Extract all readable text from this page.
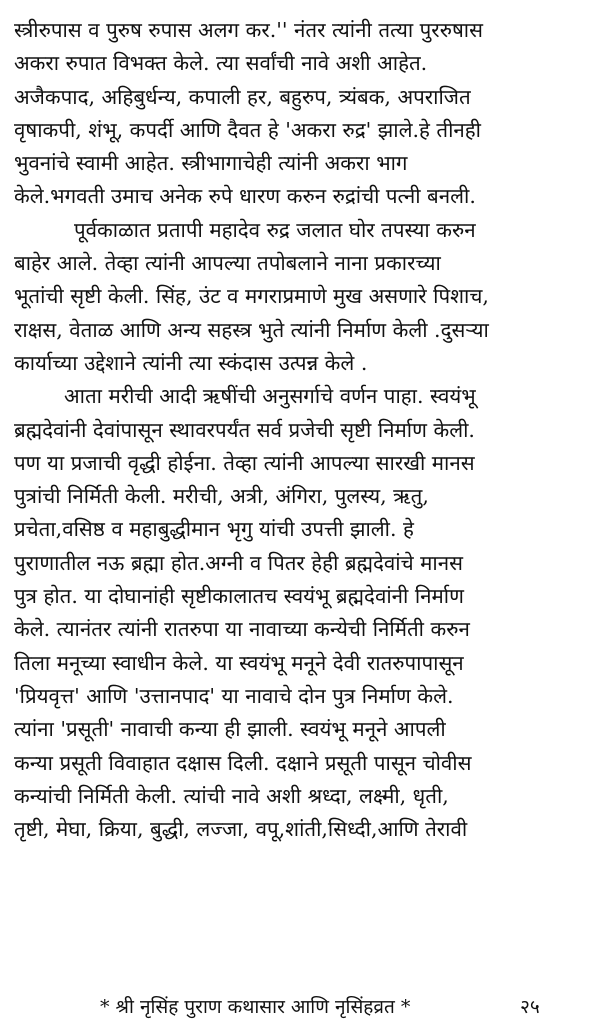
स्त्रीरुपास व पुरुष रुपास अलग कर.'' नंतर त्यांनी तत्या पुररुषास
अकरा रुपात विभक्त केले. त्या सर्वांची नावे अशी आहेत.
अजैकपाद, अहिबुर्धन्य, कपाली हर, बहुरुप, त्र्यंबक, अपराजित
वृषाकपी, शंभू, कपर्दी आणि दैवत हे 'अकरा रुद्र' झाले.हे तीनही
भुवनांचे स्वामी आहेत. स्त्रीभागाचेही त्यांनी अकरा भाग
केले.भगवती उमाच अनेक रुपे धारण करुन रुद्रांची पत्नी बनली.

पूर्वकाळात प्रतापी महादेव रुद्र जलात घोर तपस्या करुन
बाहेर आले. तेव्हा त्यांनी आपल्या तपोबलाने नाना प्रकारच्या
भूतांची सृष्टी केली. सिंह, उंट व मगराप्रमाणे मुख असणारे पिशाच,
राक्षस, वेताळ आणि अन्य सहस्त्र भुते त्यांनी निर्माण केली .दुसऱ्या
कार्याच्या उद्देशाने त्यांनी त्या स्कंदास उत्पन्न केले .

आता मरीची आदी ऋषींची अनुसर्गाचे वर्णन पाहा. स्वयंभू
ब्रह्मदेवांनी देवांपासून स्थावरपर्यंत सर्व प्रजेची सृष्टी निर्माण केली.
पण या प्रजाची वृद्धी होईना. तेव्हा त्यांनी आपल्या सारखी मानस
पुत्रांची निर्मिती केली. मरीची, अत्री, अंगिरा, पुलस्य, ऋतु,
प्रचेता,वसिष्ठ व महाबुद्धीमान भृगु यांची उपत्ती झाली. हे
पुराणातील नऊ ब्रह्मा होत.अग्नी व पितर हेही ब्रह्मदेवांचे मानस
पुत्र होत. या दोघानांही सृष्टीकालातच स्वयंभू ब्रह्मदेवांनी निर्माण
केले. त्यानंतर त्यांनी रातरुपा या नावाच्या कन्येची निर्मिती करुन
तिला मनूच्या स्वाधीन केले. या स्वयंभू मनूने देवी रातरुपापासून
'प्रियवृत्त' आणि 'उत्तानपाद' या नावाचे दोन पुत्र निर्माण केले.
त्यांना 'प्रसूती' नावाची कन्या ही झाली. स्वयंभू मनूने आपली
कन्या प्रसूती विवाहात दक्षास दिली. दक्षाने प्रसूती पासून चोवीस
कन्यांची निर्मिती केली. त्यांची नावे अशी श्रध्दा, लक्ष्मी, धृती,
तृष्टी, मेघा, क्रिया, बुद्धी, लज्जा, वपू,शांती,सिध्दी,आणि तेरावी

* श्री नृसिंह पुराण कथासार आणि नृसिंहव्रत *	२५
